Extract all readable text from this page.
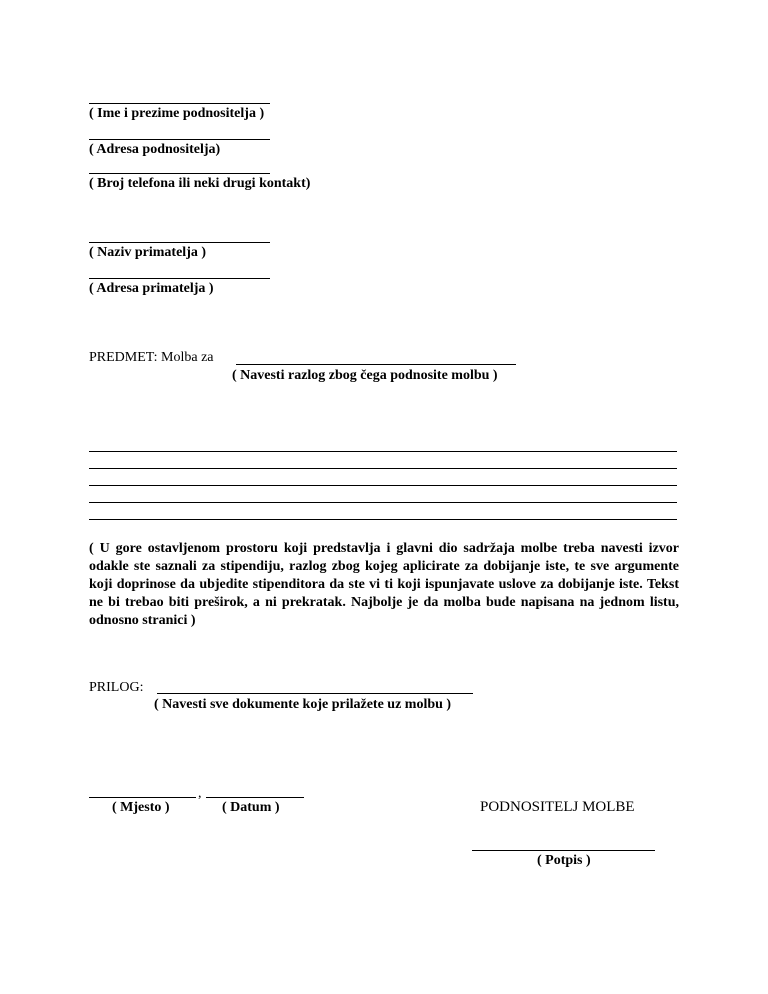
( Ime i prezime podnositelja )
( Adresa podnositelja)
( Broj telefona ili neki drugi kontakt)
( Naziv primatelja )
( Adresa primatelja )
PREDMET: Molba za
( Navesti razlog zbog čega podnosite molbu )
( U gore ostavljenom prostoru koji predstavlja i glavni dio sadržaja molbe treba navesti izvor odakle ste saznali za stipendiju, razlog zbog kojeg aplicirate za dobijanje iste, te sve argumente koji doprinose da ubjedite stipenditora da ste vi ti koji ispunjavate uslove za dobijanje iste. Tekst ne bi trebao biti preširok, a ni prekratak. Najbolje je da molba bude napisana na jednom listu, odnosno stranici )
PRILOG:
( Navesti sve dokumente koje prilažete uz molbu )
,
( Mjesto )	( Datum )	PODNOSITELJ MOLBE
( Potpis )
